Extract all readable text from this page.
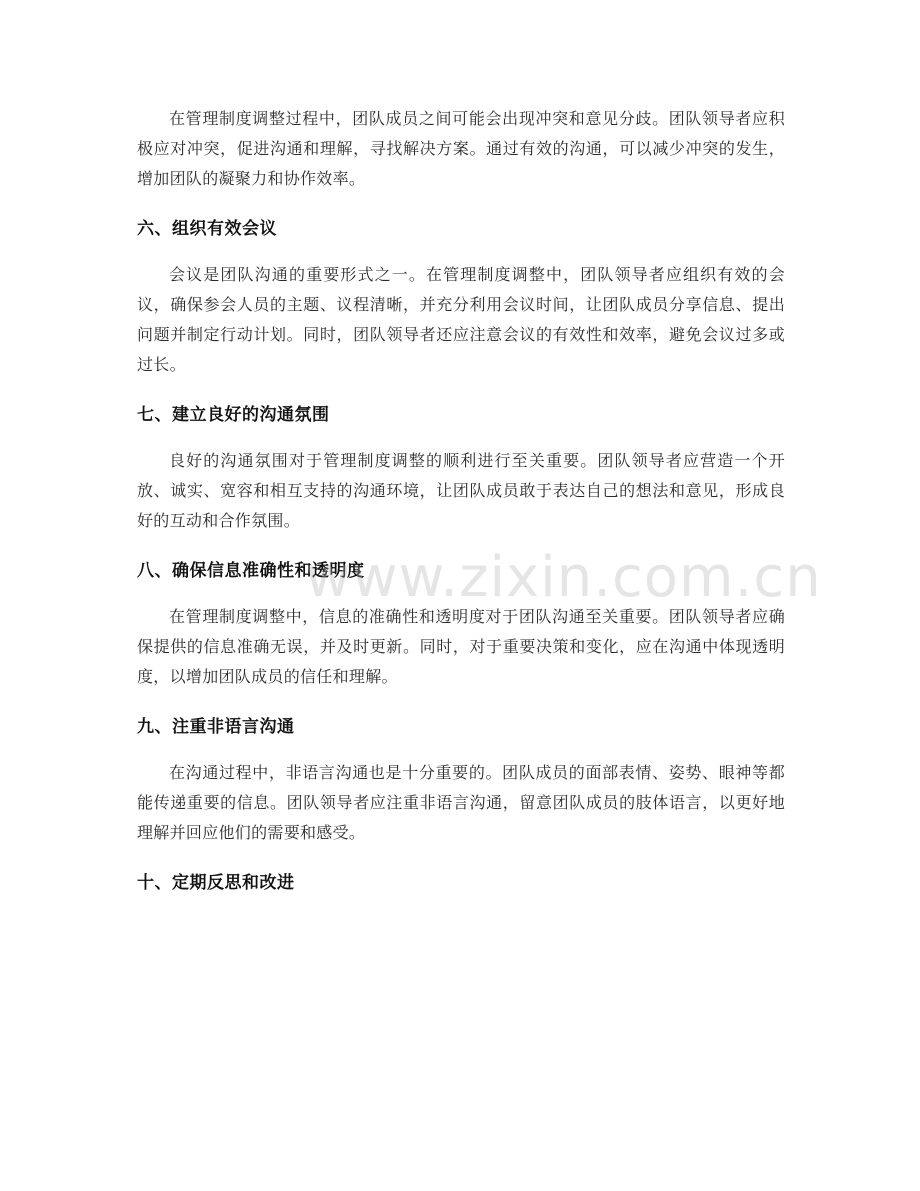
在管理制度调整过程中，团队成员之间可能会出现冲突和意见分歧。团队领导者应积极应对冲突，促进沟通和理解，寻找解决方案。通过有效的沟通，可以减少冲突的发生，增加团队的凝聚力和协作效率。

六、组织有效会议

会议是团队沟通的重要形式之一。在管理制度调整中，团队领导者应组织有效的会议，确保参会人员的主题、议程清晰，并充分利用会议时间，让团队成员分享信息、提出问题并制定行动计划。同时，团队领导者还应注意会议的有效性和效率，避免会议过多或过长。

七、建立良好的沟通氛围

良好的沟通氛围对于管理制度调整的顺利进行至关重要。团队领导者应营造一个开放、诚实、宽容和相互支持的沟通环境，让团队成员敢于表达自己的想法和意见，形成良好的互动和合作氛围。

八、确保信息准确性和透明度

在管理制度调整中，信息的准确性和透明度对于团队沟通至关重要。团队领导者应确保提供的信息准确无误，并及时更新。同时，对于重要决策和变化，应在沟通中体现透明度，以增加团队成员的信任和理解。

九、注重非语言沟通

在沟通过程中，非语言沟通也是十分重要的。团队成员的面部表情、姿势、眼神等都能传递重要的信息。团队领导者应注重非语言沟通，留意团队成员的肢体语言，以更好地理解并回应他们的需要和感受。

十、定期反思和改进
www.zixin.com.cn
